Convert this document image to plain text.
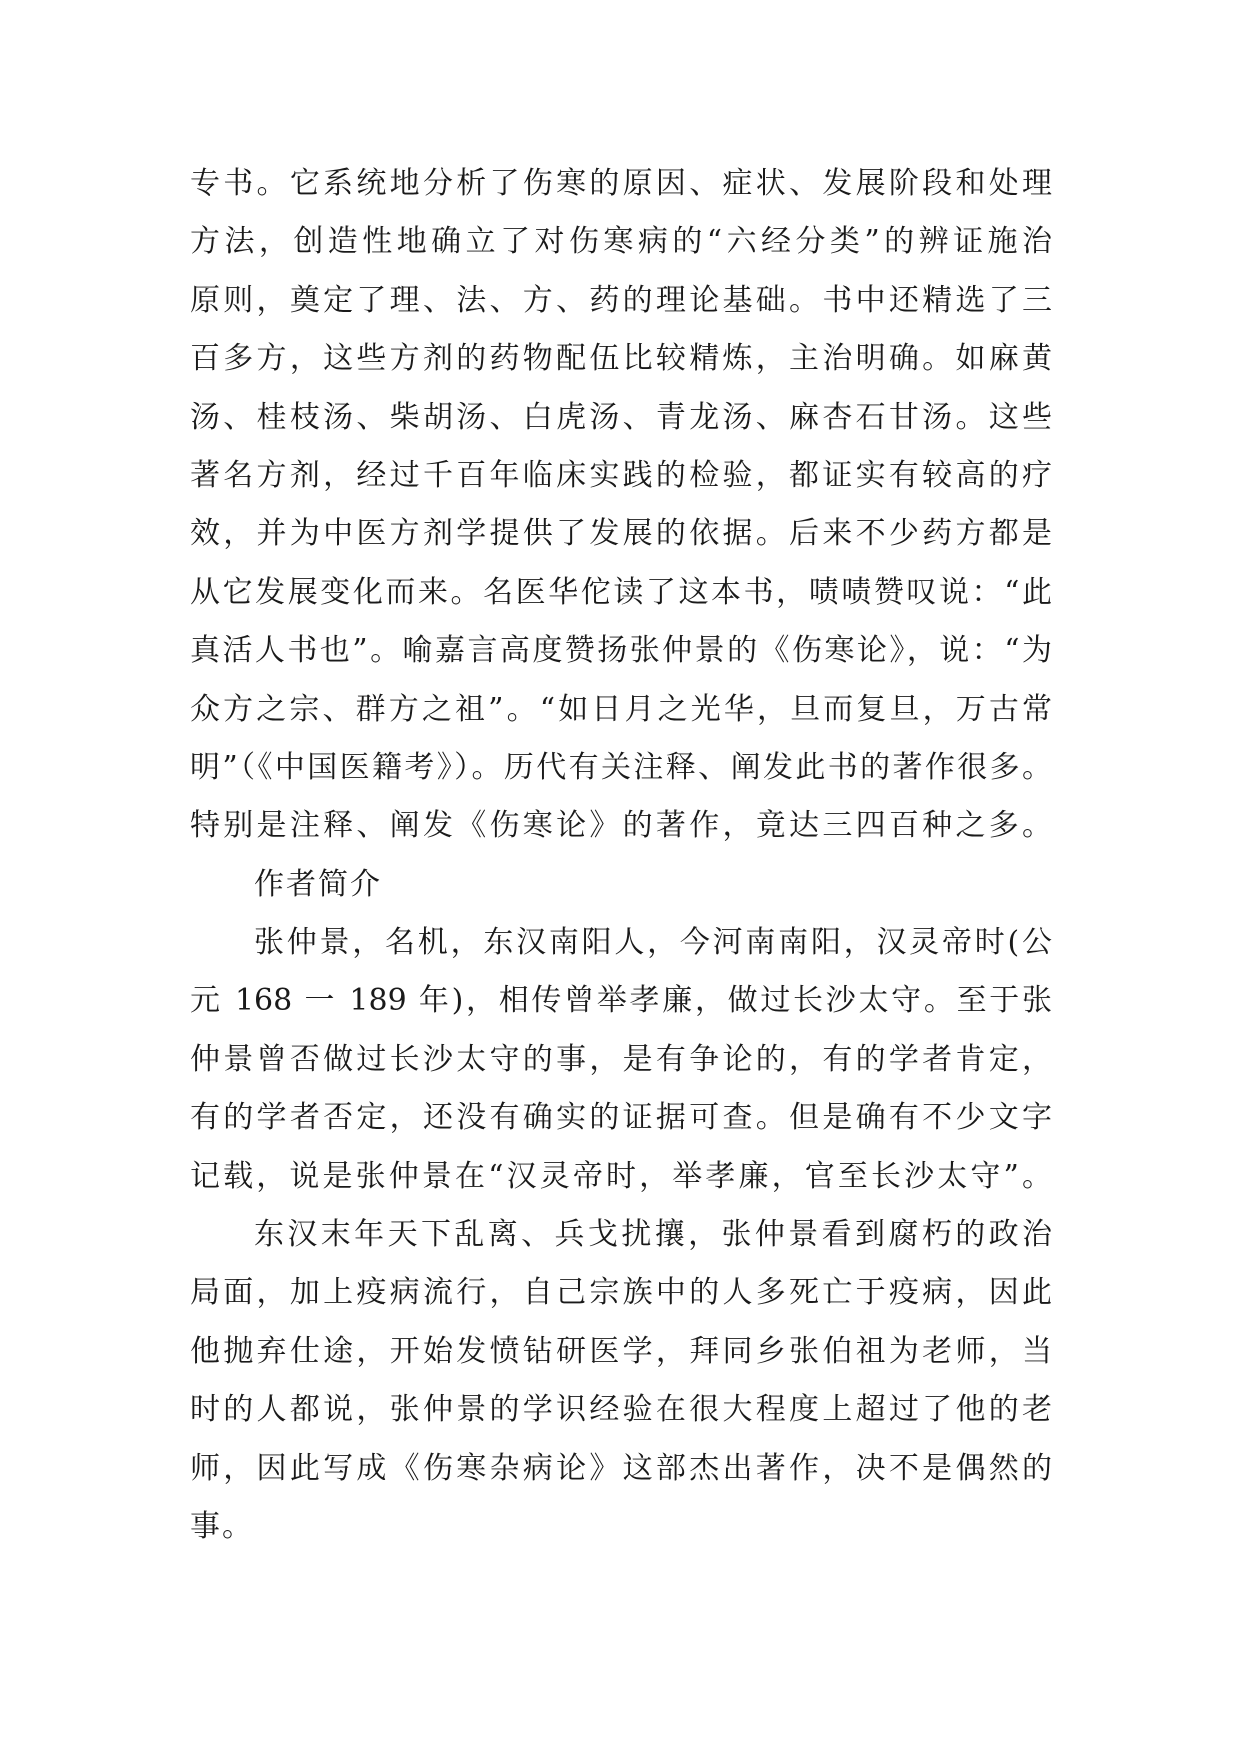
专书。它系统地分析了伤寒的原因、症状、发展阶段和处理
方法，创造性地确立了对伤寒病的“六经分类”的辨证施治
原则，奠定了理、法、方、药的理论基础。书中还精选了三
百多方，这些方剂的药物配伍比较精炼，主治明确。如麻黄
汤、桂枝汤、柴胡汤、白虎汤、青龙汤、麻杏石甘汤。这些
著名方剂，经过千百年临床实践的检验，都证实有较高的疗
效，并为中医方剂学提供了发展的依据。后来不少药方都是
从它发展变化而来。名医华佗读了这本书，啧啧赞叹说：“此
真活人书也”。喻嘉言高度赞扬张仲景的《伤寒论》，说：“为
众方之宗、群方之祖”。“如日月之光华，旦而复旦，万古常
明”（《中国医籍考》）。历代有关注释、阐发此书的著作很多。
特别是注释、阐发《伤寒论》的著作，竟达三四百种之多。
作者简介
张仲景，名机，东汉南阳人，今河南南阳，汉灵帝时(公
元 168 一 189 年)，相传曾举孝廉，做过长沙太守。至于张
仲景曾否做过长沙太守的事，是有争论的，有的学者肯定，
有的学者否定，还没有确实的证据可查。但是确有不少文字
记载，说是张仲景在“汉灵帝时，举孝廉，官至长沙太守”。
东汉末年天下乱离、兵戈扰攘，张仲景看到腐朽的政治
局面，加上疫病流行，自己宗族中的人多死亡于疫病，因此
他抛弃仕途，开始发愤钻研医学，拜同乡张伯祖为老师，当
时的人都说，张仲景的学识经验在很大程度上超过了他的老
师，因此写成《伤寒杂病论》这部杰出著作，决不是偶然的
事。
